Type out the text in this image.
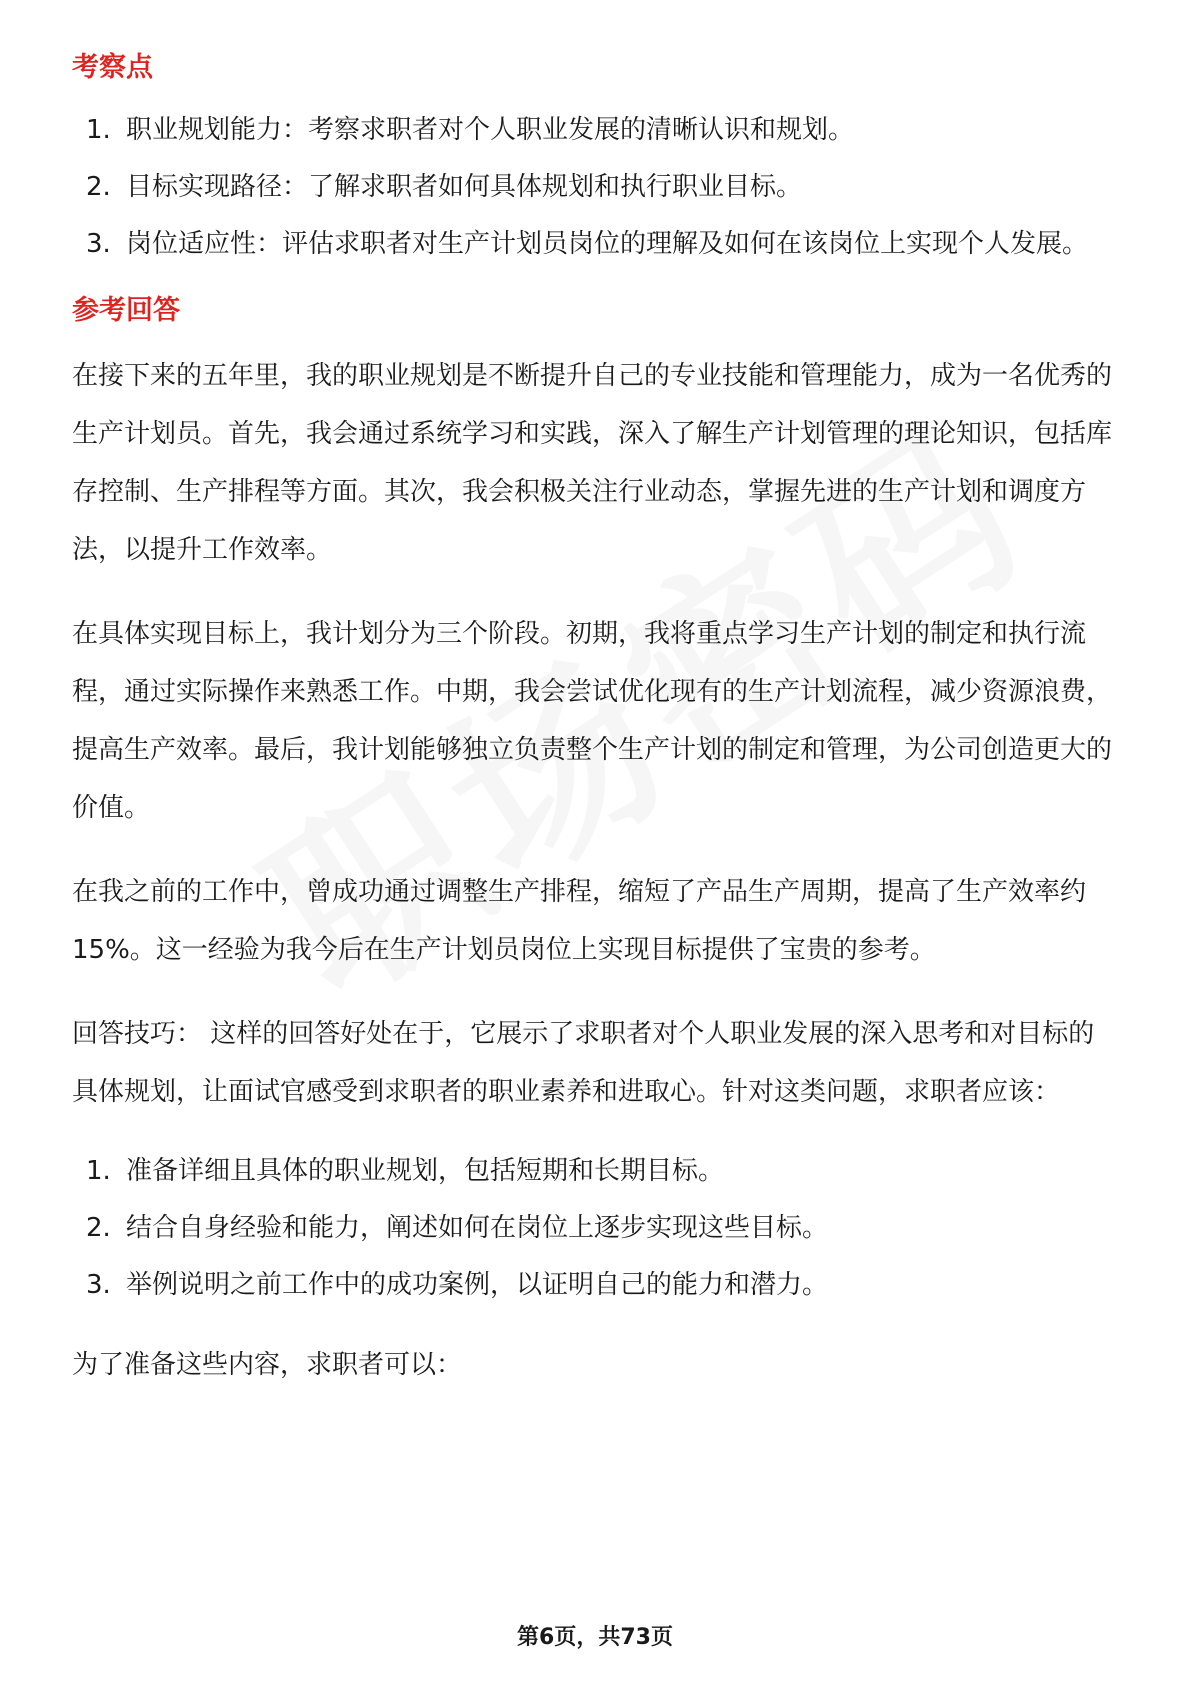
考察点
1. 职业规划能力：考察求职者对个人职业发展的清晰认识和规划。
2. 目标实现路径：了解求职者如何具体规划和执行职业目标。
3. 岗位适应性：评估求职者对生产计划员岗位的理解及如何在该岗位上实现个人发展。
参考回答

在接下来的五年里，我的职业规划是不断提升自己的专业技能和管理能力，成为一名优秀的生产计划员。首先，我会通过系统学习和实践，深入了解生产计划管理的理论知识，包括库存控制、生产排程等方面。其次，我会积极关注行业动态，掌握先进的生产计划和调度方法，以提升工作效率。

在具体实现目标上，我计划分为三个阶段。初期，我将重点学习生产计划的制定和执行流程，通过实际操作来熟悉工作。中期，我会尝试优化现有的生产计划流程，减少资源浪费，提高生产效率。最后，我计划能够独立负责整个生产计划的制定和管理，为公司创造更大的价值。

在我之前的工作中，曾成功通过调整生产排程，缩短了产品生产周期，提高了生产效率约15%。这一经验为我今后在生产计划员岗位上实现目标提供了宝贵的参考。

回答技巧： 这样的回答好处在于，它展示了求职者对个人职业发展的深入思考和对目标的具体规划，让面试官感受到求职者的职业素养和进取心。针对这类问题，求职者应该：

1. 准备详细且具体的职业规划，包括短期和长期目标。
2. 结合自身经验和能力，阐述如何在岗位上逐步实现这些目标。
3. 举例说明之前工作中的成功案例，以证明自己的能力和潜力。

为了准备这些内容，求职者可以：

第6页，共73页
